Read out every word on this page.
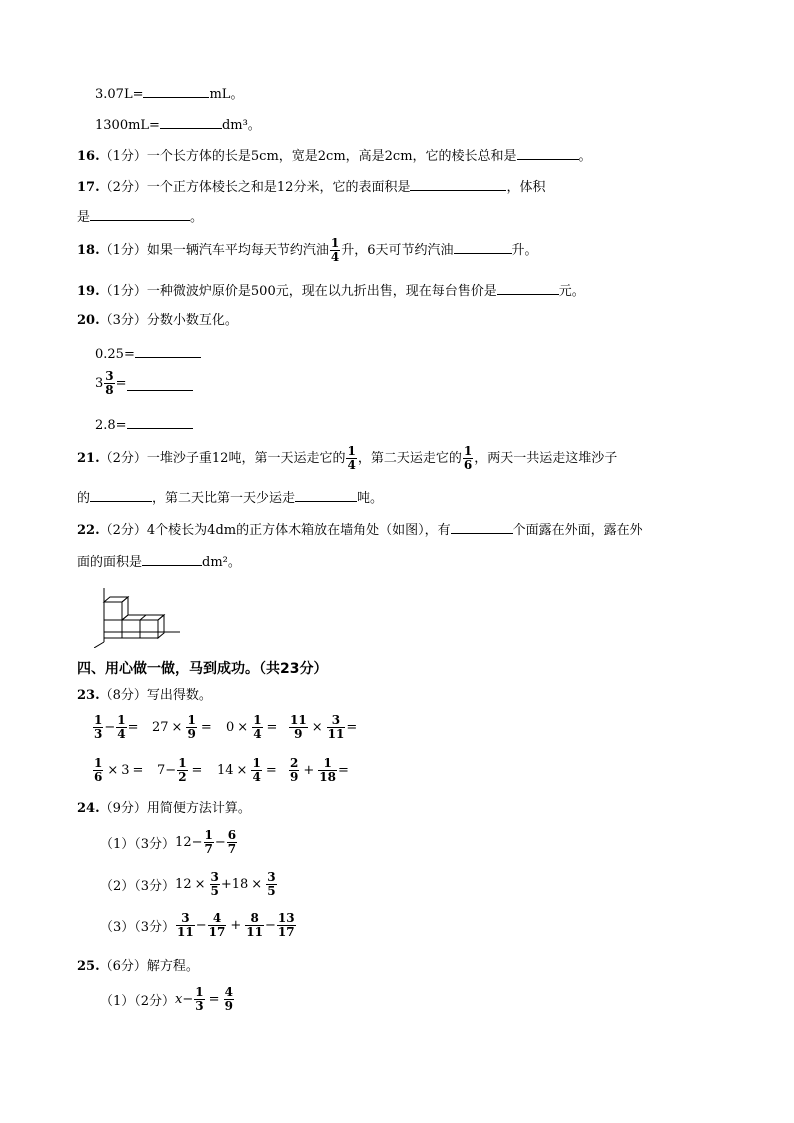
3.07L=	mL。
1300mL=	dm³。
16.（1分）一个长方体的长是5cm，宽是2cm，高是2cm，它的棱长总和是	。
17.（2分）一个正方体棱长之和是12分米，它的表面积是	，体积
是	。
18.（1分）如果一辆汽车平均每天节约汽油 $\frac{1}{4}$ 升，6天可节约汽油	升。
19.（1分）一种微波炉原价是500元，现在以九折出售，现在每台售价是	元。
20.（3分）分数小数互化。
0.25=
$3 \frac{3}{8}$ =
2.8=
21.（2分）一堆沙子重12吨，第一天运走它的 $\frac{1}{4}$ ，第二天运走它的 $\frac{1}{6}$ ，两天一共运走这堆沙子
的	，第二天比第一天少运走	吨。
22.（2分）4个棱长为4dm的正方体木箱放在墙角处（如图），有	个面露在外面，露在外
面的面积是	dm²。
四、用心做一做，马到成功。（共23分）
23.（8分）写出得数。
$\frac{1}{3} - \frac{1}{4} = 27 \times \frac{1}{9} = 0 \times \frac{1}{4} = \frac{11}{9} \times \frac{3}{11}$ =
$\frac{1}{6} \times 3 = 7 - \frac{1}{2} = 14 \times \frac{1}{4} = \frac{2}{9} + \frac{1}{18}$ =
24.（9分）用简便方法计算。
（1）（3分） $12 - \frac{1}{7} - \frac{6}{7}$
（2）（3分） $12 \times \frac{3}{5} +18 \times \frac{3}{5}$
（3）（3分） $\frac{3}{11} - \frac{4}{17} + \frac{8}{11} - \frac{13}{17}$
25.（6分）解方程。
（1）（2分） $x - \frac{1}{3} = \frac{4}{9}$
